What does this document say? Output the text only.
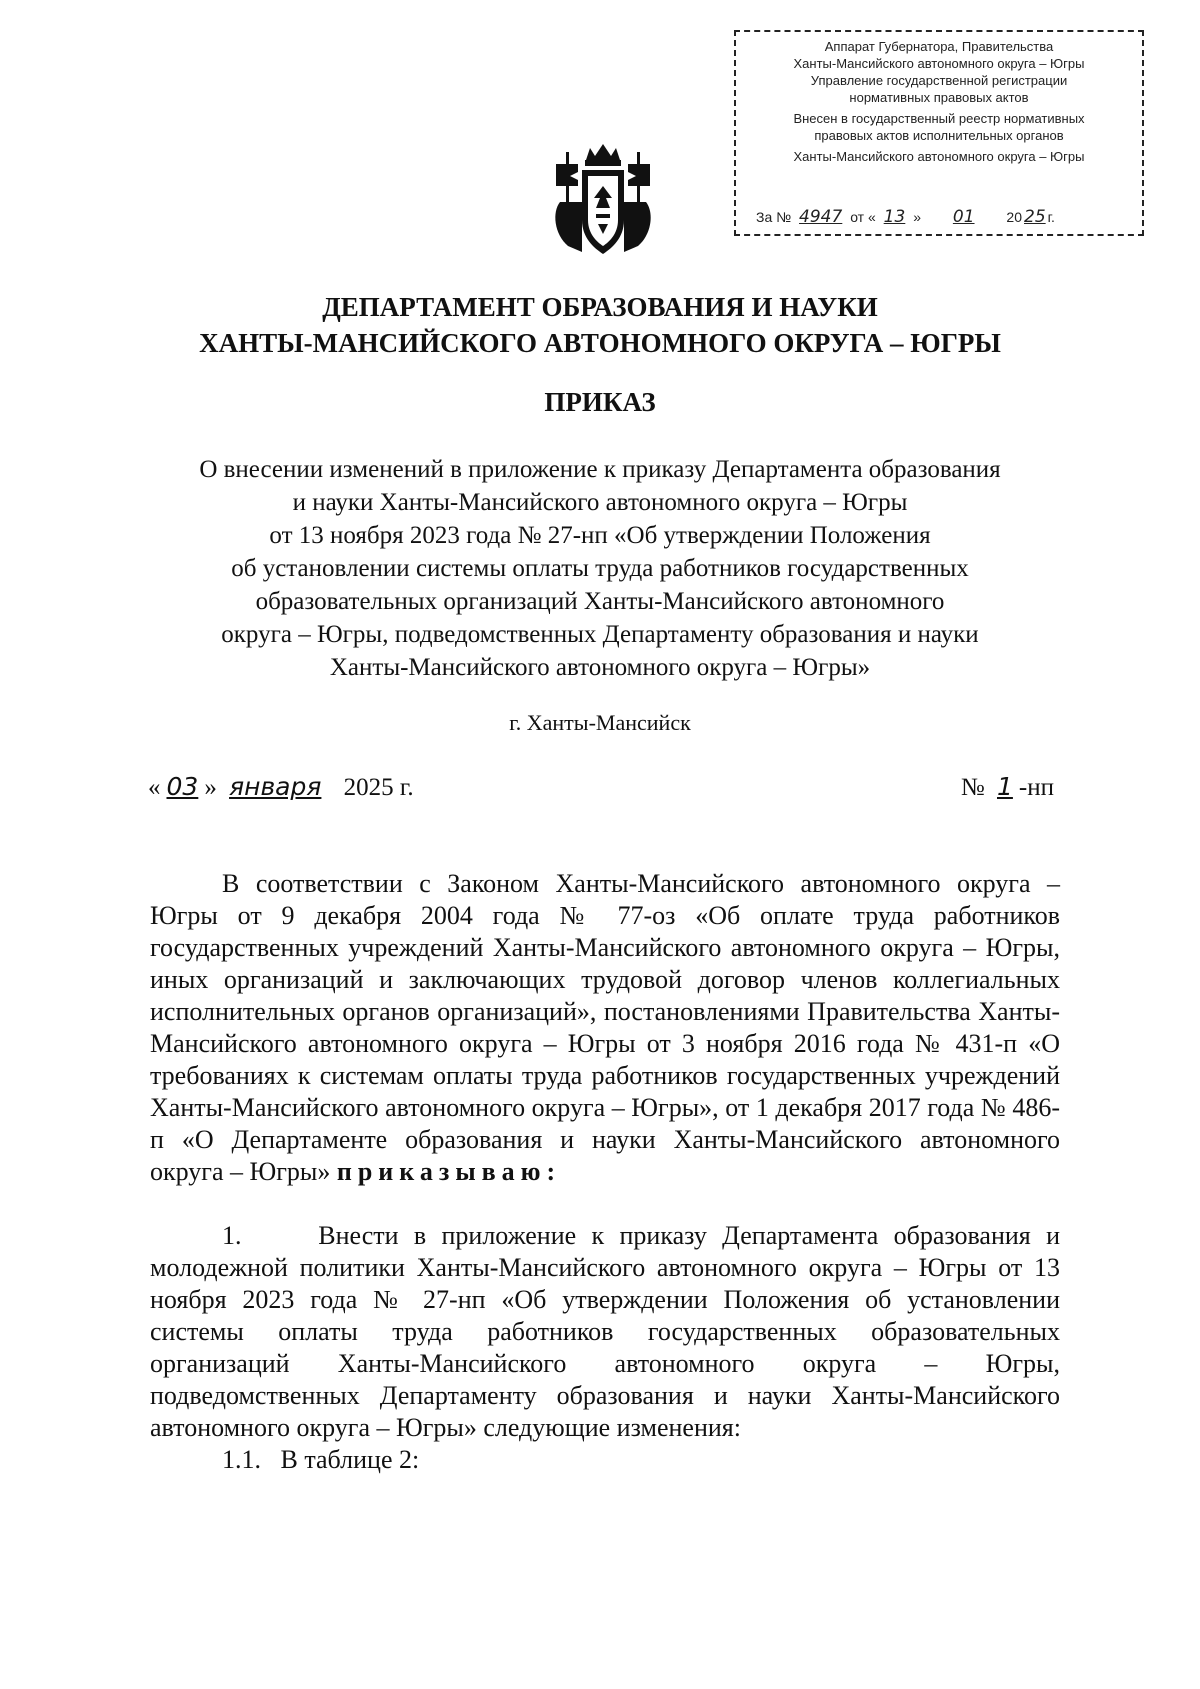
Аппарат Губернатора, Правительства
Ханты-Мансийского автономного округа – Югры
Управление государственной регистрации
нормативных правовых актов
Внесен в государственный реестр нормативных
правовых актов исполнительных органов
Ханты-Мансийского автономного округа – Югры
За № 4947 от « 13 » 01 20 25 г.
ДЕПАРТАМЕНТ ОБРАЗОВАНИЯ И НАУКИ
ХАНТЫ-МАНСИЙСКОГО АВТОНОМНОГО ОКРУГА – ЮГРЫ
ПРИКАЗ
О внесении изменений в приложение к приказу Департамента образования
и науки Ханты-Мансийского автономного округа – Югры
от 13 ноября 2023 года № 27-нп «Об утверждении Положения
об установлении системы оплаты труда работников государственных
образовательных организаций Ханты-Мансийского автономного
округа – Югры, подведомственных Департаменту образования и науки
Ханты-Мансийского автономного округа – Югры»
г. Ханты-Мансийск
« 03 » января 2025 г.	№ 1 -нп

В соответствии с Законом Ханты-Мансийского автономного округа – Югры от 9 декабря 2004 года № 77-оз «Об оплате труда работников государственных учреждений Ханты-Мансийского автономного округа – Югры, иных организаций и заключающих трудовой договор членов коллегиальных исполнительных органов организаций», постановлениями Правительства Ханты-Мансийского автономного округа – Югры от 3 ноября 2016 года № 431-п «О требованиях к системам оплаты труда работников государственных учреждений Ханты-Мансийского автономного округа – Югры», от 1 декабря 2017 года № 486-п «О Департаменте образования и науки Ханты-Мансийского автономного округа – Югры» приказываю:

1.     Внести в приложение к приказу Департамента образования и молодежной политики Ханты-Мансийского автономного округа – Югры от 13 ноября 2023 года № 27-нп «Об утверждении Положения об установлении системы оплаты труда работников государственных образовательных организаций Ханты-Мансийского автономного округа – Югры, подведомственных Департаменту образования и науки Ханты-Мансийского автономного округа – Югры» следующие изменения:

1.1.   В таблице 2:
